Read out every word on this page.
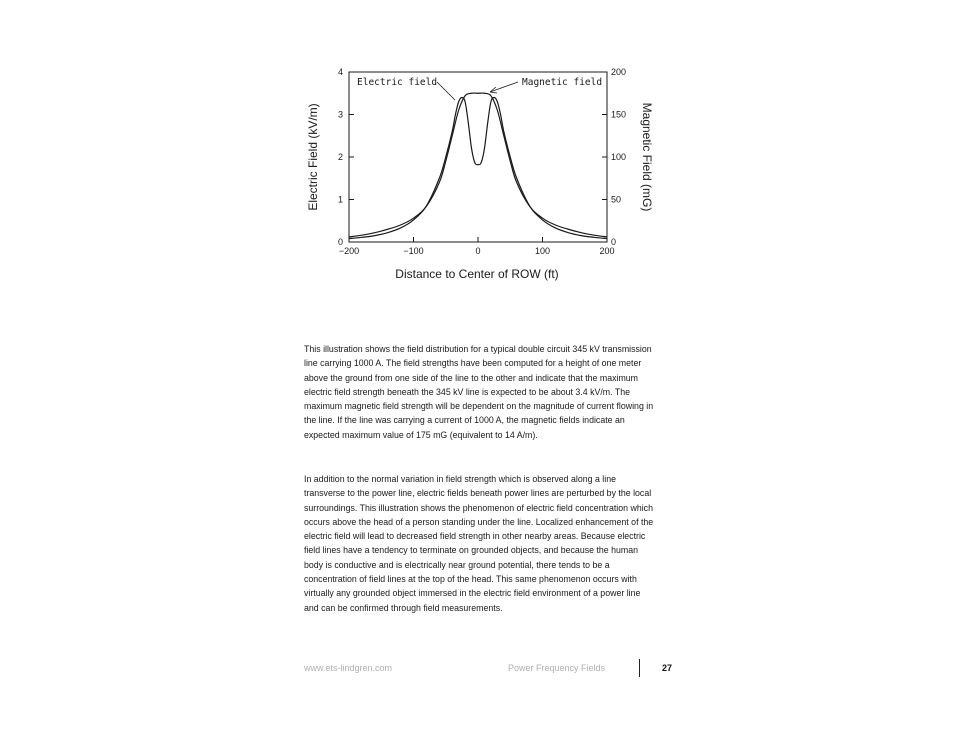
0
1
2
3
4
0
50
100
150
200
−200	−100	0	100	200
Electric field	Magnetic field
Electric Field (kV/m)	Magnetic Field (mG)
Distance to Center of ROW (ft)

This illustration shows the field distribution for a typical double circuit 345 kV transmission line carrying 1000 A. The field strengths have been computed for a height of one meter above the ground from one side of the line to the other and indicate that the maximum electric field strength beneath the 345 kV line is expected to be about 3.4 kV/m. The maximum magnetic field strength will be dependent on the magnitude of current flowing in the line. If the line was carrying a current of 1000 A, the magnetic fields indicate an expected maximum value of 175 mG (equivalent to 14 A/m).

In addition to the normal variation in field strength which is observed along a line transverse to the power line, electric fields beneath power lines are perturbed by the local surroundings. This illustration shows the phenomenon of electric field concentration which occurs above the head of a person standing under the line. Localized enhancement of the electric field will lead to decreased field strength in other nearby areas. Because electric field lines have a tendency to terminate on grounded objects, and because the human body is conductive and is electrically near ground potential, there tends to be a concentration of field lines at the top of the head. This same phenomenon occurs with virtually any grounded object immersed in the electric field environment of a power line and can be confirmed through field measurements.

www.ets-lindgren.com	Power Frequency Fields	27
